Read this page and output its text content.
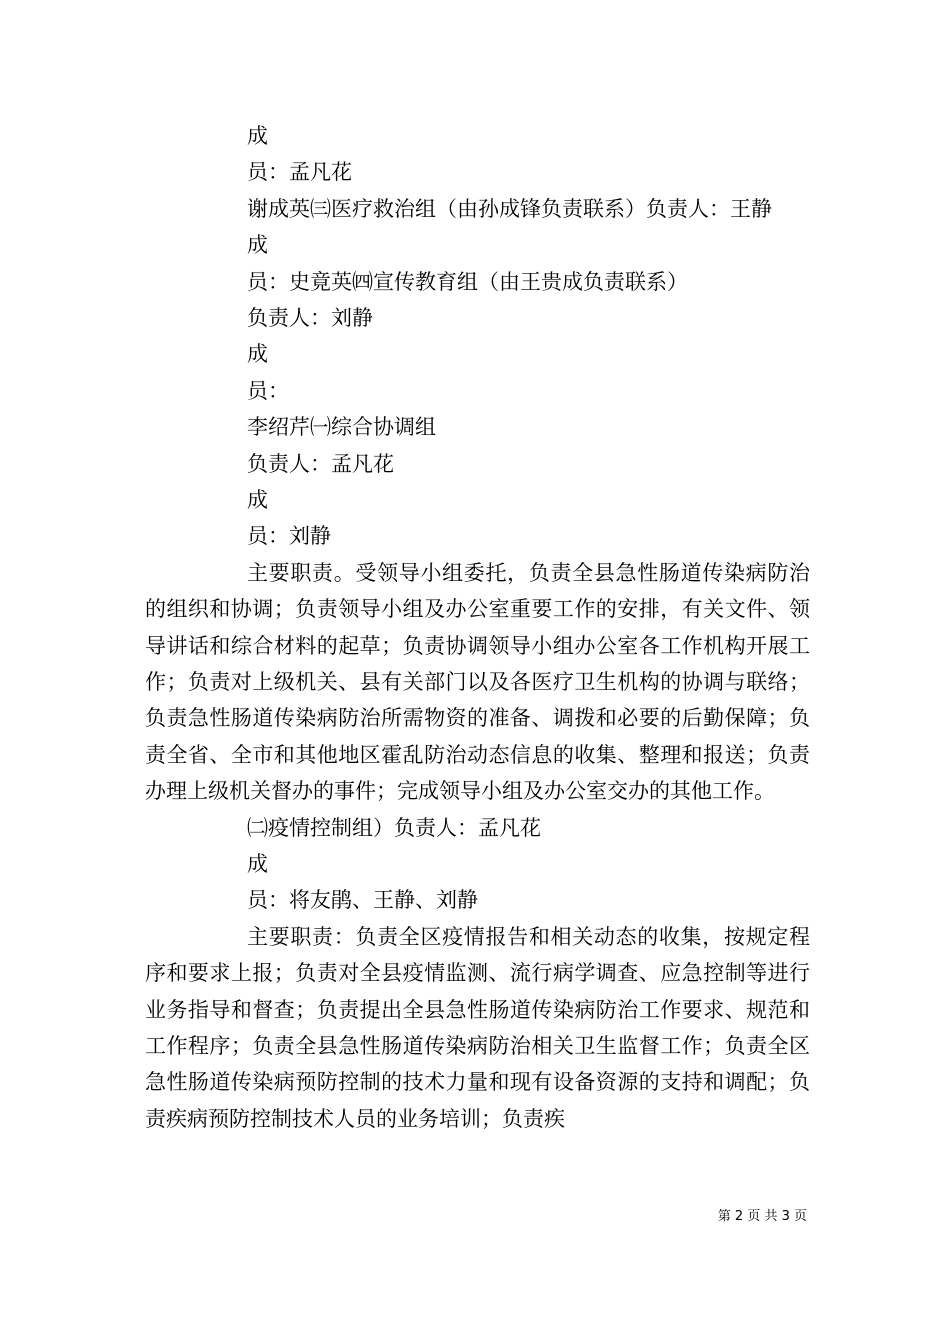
成
员：孟凡花
谢成英㈢医疗救治组（由孙成锋负责联系）负责人：王静
成
员：史竟英㈣宣传教育组（由王贵成负责联系）
负责人：刘静
成
员：
李绍芹㈠综合协调组
负责人：孟凡花
成
员：刘静

主要职责。受领导小组委托，负责全县急性肠道传染病防治的组织和协调；负责领导小组及办公室重要工作的安排，有关文件、领导讲话和综合材料的起草；负责协调领导小组办公室各工作机构开展工作；负责对上级机关、县有关部门以及各医疗卫生机构的协调与联络；负责急性肠道传染病防治所需物资的准备、调拨和必要的后勤保障；负责全省、全市和其他地区霍乱防治动态信息的收集、整理和报送；负责办理上级机关督办的事件；完成领导小组及办公室交办的其他工作。

㈡疫情控制组）负责人：孟凡花
成
员：将友鹃、王静、刘静

主要职责：负责全区疫情报告和相关动态的收集，按规定程序和要求上报；负责对全县疫情监测、流行病学调查、应急控制等进行业务指导和督查；负责提出全县急性肠道传染病防治工作要求、规范和工作程序；负责全县急性肠道传染病防治相关卫生监督工作；负责全区急性肠道传染病预防控制的技术力量和现有设备资源的支持和调配；负责疾病预防控制技术人员的业务培训；负责疾

第 2 页 共 3 页
